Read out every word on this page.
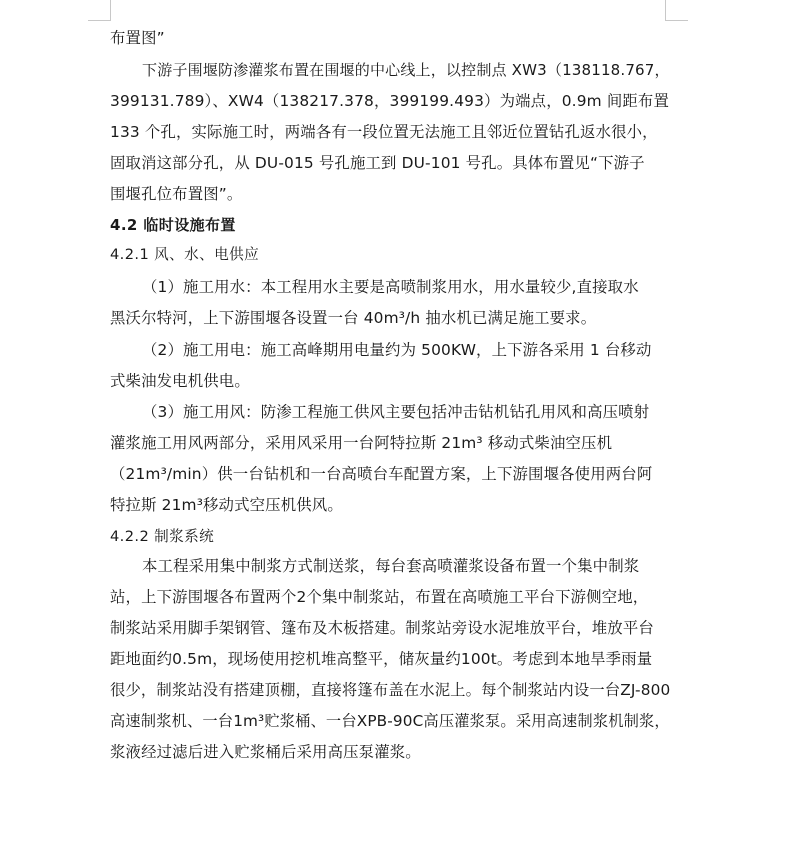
布置图”
下游子围堰防渗灌浆布置在围堰的中心线上，以控制点 XW3（138118.767，
399131.789）、XW4（138217.378，399199.493）为端点，0.9m 间距布置
133 个孔，实际施工时，两端各有一段位置无法施工且邻近位置钻孔返水很小，
固取消这部分孔，从 DU-015 号孔施工到 DU-101 号孔。具体布置见“下游子
围堰孔位布置图”。
4.2 临时设施布置
4.2.1 风、水、电供应
（1）施工用水：本工程用水主要是高喷制浆用水，用水量较少,直接取水
黑沃尔特河，上下游围堰各设置一台 40m³/h 抽水机已满足施工要求。
（2）施工用电：施工高峰期用电量约为 500KW，上下游各采用 1 台移动
式柴油发电机供电。
（3）施工用风：防渗工程施工供风主要包括冲击钻机钻孔用风和高压喷射
灌浆施工用风两部分，采用风采用一台阿特拉斯 21m³ 移动式柴油空压机
（21m³/min）供一台钻机和一台高喷台车配置方案，上下游围堰各使用两台阿
特拉斯 21m³移动式空压机供风。
4.2.2 制浆系统
本工程采用集中制浆方式制送浆，每台套高喷灌浆设备布置一个集中制浆
站，上下游围堰各布置两个2个集中制浆站，布置在高喷施工平台下游侧空地，
制浆站采用脚手架钢管、篷布及木板搭建。制浆站旁设水泥堆放平台，堆放平台
距地面约0.5m，现场使用挖机堆高整平，储灰量约100t。考虑到本地旱季雨量
很少，制浆站没有搭建顶棚，直接将篷布盖在水泥上。每个制浆站内设一台ZJ-800
高速制浆机、一台1m³贮浆桶、一台XPB-90C高压灌浆泵。采用高速制浆机制浆，
浆液经过滤后进入贮浆桶后采用高压泵灌浆。
